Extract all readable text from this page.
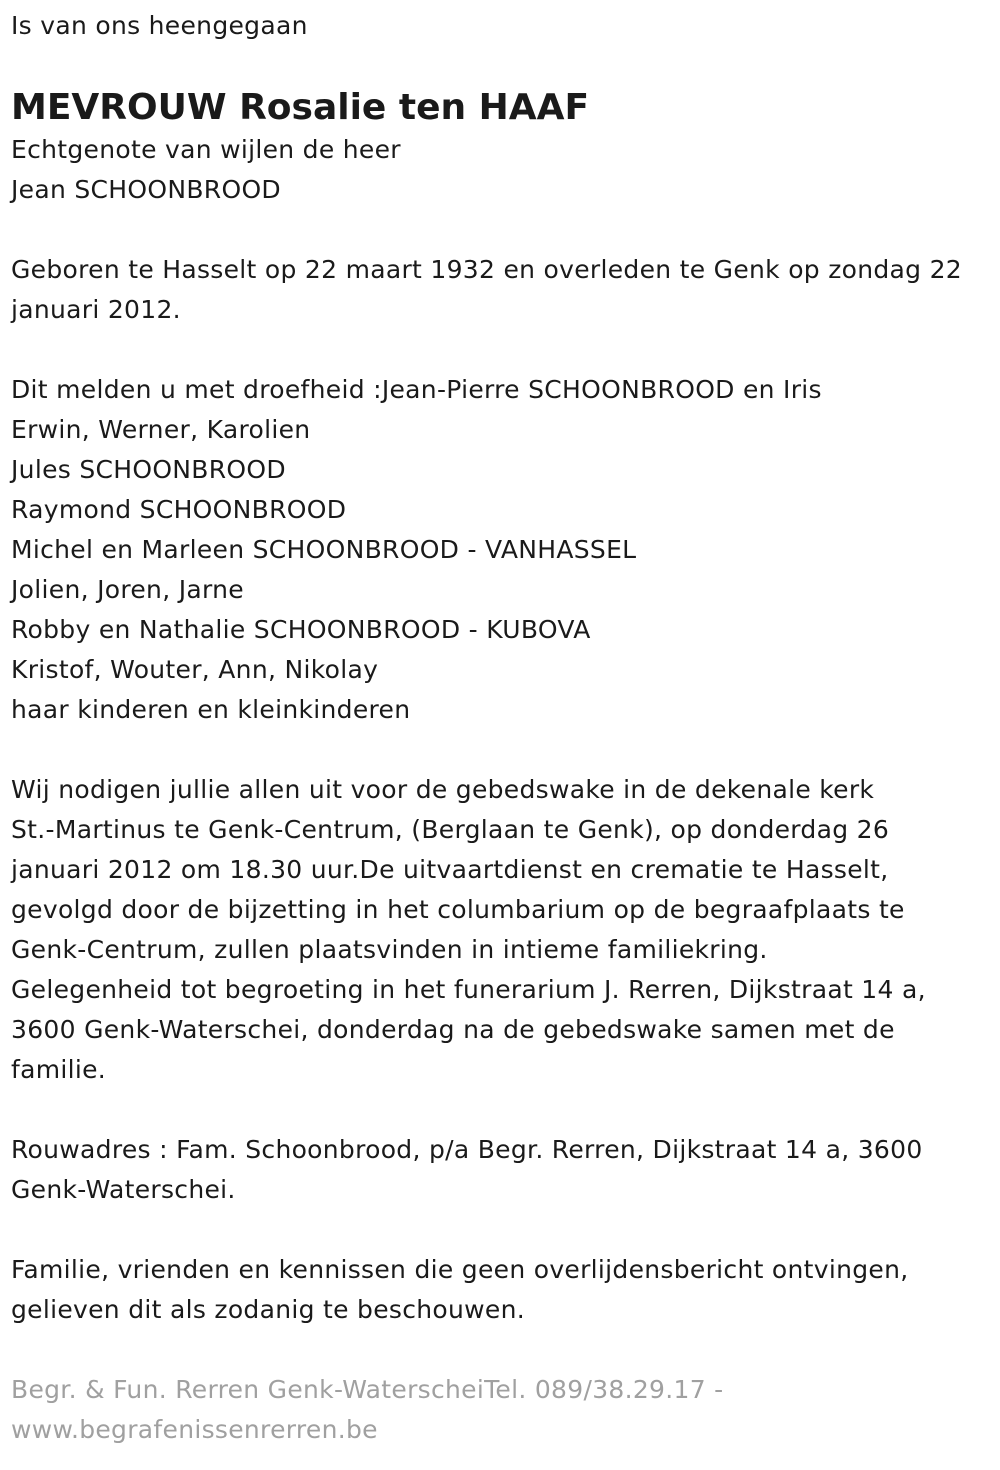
Is van ons heengegaan
MEVROUW Rosalie ten HAAF
Echtgenote van wijlen de heer
Jean SCHOONBROOD
Geboren te Hasselt op 22 maart 1932 en overleden te Genk op zondag 22
januari 2012.
Dit melden u met droefheid :Jean-Pierre SCHOONBROOD en Iris
Erwin, Werner, Karolien
Jules SCHOONBROOD
Raymond SCHOONBROOD
Michel en Marleen SCHOONBROOD - VANHASSEL
Jolien, Joren, Jarne
Robby en Nathalie SCHOONBROOD - KUBOVA
Kristof, Wouter, Ann, Nikolay
haar kinderen en kleinkinderen
Wij nodigen jullie allen uit voor de gebedswake in de dekenale kerk
St.-Martinus te Genk-Centrum, (Berglaan te Genk), op donderdag 26
januari 2012 om 18.30 uur.De uitvaartdienst en crematie te Hasselt,
gevolgd door de bijzetting in het columbarium op de begraafplaats te
Genk-Centrum, zullen plaatsvinden in intieme familiekring.
Gelegenheid tot begroeting in het funerarium J. Rerren, Dijkstraat 14 a,
3600 Genk-Waterschei, donderdag na de gebedswake samen met de
familie.
Rouwadres : Fam. Schoonbrood, p/a Begr. Rerren, Dijkstraat 14 a, 3600
Genk-Waterschei.
Familie, vrienden en kennissen die geen overlijdensbericht ontvingen,
gelieven dit als zodanig te beschouwen.
Begr. & Fun. Rerren Genk-WaterscheiTel. 089/38.29.17 -
www.begrafenissenrerren.be
